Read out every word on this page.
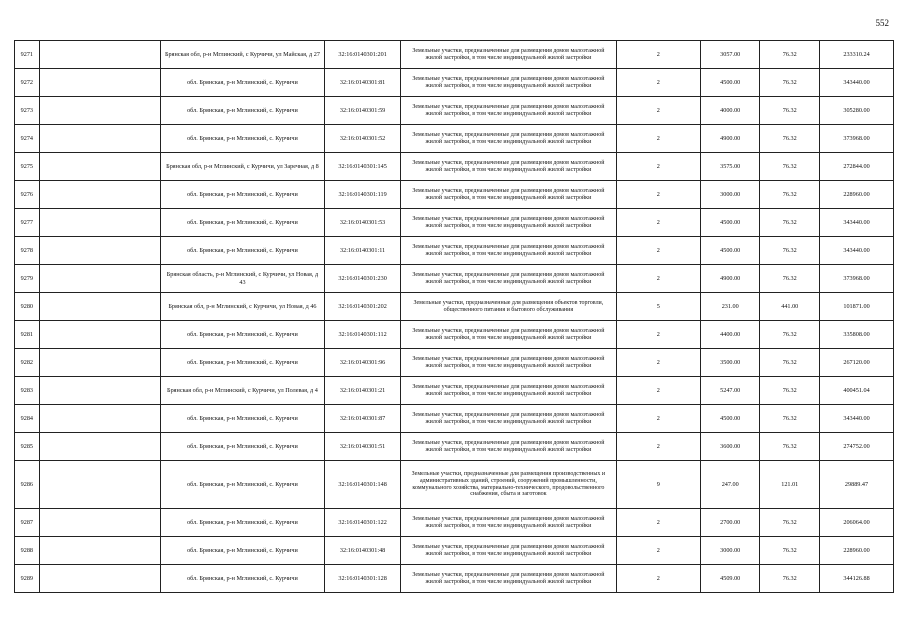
552
9271		Брянская обл, р-н Мглинский, с Курчичи, ул Майская, д 27	32:16:0140301:201	Земельные участки, предназначенные для размещения домов малоэтажной жилой застройки, в том числе индивидуальной жилой застройки	2	3057.00	76.32	233310.24
9272		обл. Брянская, р-н Мглинский, с. Курчичи	32:16:0140301:81	Земельные участки, предназначенные для размещения домов малоэтажной жилой застройки, в том числе индивидуальной жилой застройки	2	4500.00	76.32	343440.00
9273		обл. Брянская, р-н Мглинский, с. Курчичи	32:16:0140301:59	Земельные участки, предназначенные для размещения домов малоэтажной жилой застройки, в том числе индивидуальной жилой застройки	2	4000.00	76.32	305280.00
9274		обл. Брянская, р-н Мглинский, с. Курчичи	32:16:0140301:52	Земельные участки, предназначенные для размещения домов малоэтажной жилой застройки, в том числе индивидуальной жилой застройки	2	4900.00	76.32	373968.00
9275		Брянская обл, р-н Мглинский, с Курчичи, ул Заречная, д 8	32:16:0140301:145	Земельные участки, предназначенные для размещения домов малоэтажной жилой застройки, в том числе индивидуальной жилой застройки	2	3575.00	76.32	272844.00
9276		обл. Брянская, р-н Мглинский, с. Курчичи	32:16:0140301:119	Земельные участки, предназначенные для размещения домов малоэтажной жилой застройки, в том числе индивидуальной жилой застройки	2	3000.00	76.32	228960.00
9277		обл. Брянская, р-н Мглинский, с. Курчичи	32:16:0140301:53	Земельные участки, предназначенные для размещения домов малоэтажной жилой застройки, в том числе индивидуальной жилой застройки	2	4500.00	76.32	343440.00
9278		обл. Брянская, р-н Мглинский, с. Курчичи	32:16:0140301:11	Земельные участки, предназначенные для размещения домов малоэтажной жилой застройки, в том числе индивидуальной жилой застройки	2	4500.00	76.32	343440.00
9279		Брянская область, р-н Мглинский, с Курчичи, ул Новая, д 43	32:16:0140301:230	Земельные участки, предназначенные для размещения домов малоэтажной жилой застройки, в том числе индивидуальной жилой застройки	2	4900.00	76.32	373968.00
9280		Брянская обл, р-н Мглинский, с Курчичи, ул Новая, д 46	32:16:0140301:202	Земельные участки, предназначенные для размещения объектов торговли, общественного питания и бытового обслуживания	5	231.00	441.00	101871.00
9281		обл. Брянская, р-н Мглинский, с. Курчичи	32:16:0140301:112	Земельные участки, предназначенные для размещения домов малоэтажной жилой застройки, в том числе индивидуальной жилой застройки	2	4400.00	76.32	335808.00
9282		обл. Брянская, р-н Мглинский, с. Курчичи	32:16:0140301:96	Земельные участки, предназначенные для размещения домов малоэтажной жилой застройки, в том числе индивидуальной жилой застройки	2	3500.00	76.32	267120.00
9283		Брянская обл, р-н Мглинский, с Курчичи, ул Полевая, д 4	32:16:0140301:21	Земельные участки, предназначенные для размещения домов малоэтажной жилой застройки, в том числе индивидуальной жилой застройки	2	5247.00	76.32	400451.04
9284		обл. Брянская, р-н Мглинский, с. Курчичи	32:16:0140301:87	Земельные участки, предназначенные для размещения домов малоэтажной жилой застройки, в том числе индивидуальной жилой застройки	2	4500.00	76.32	343440.00
9285		обл. Брянская, р-н Мглинский, с. Курчичи	32:16:0140301:51	Земельные участки, предназначенные для размещения домов малоэтажной жилой застройки, в том числе индивидуальной жилой застройки	2	3600.00	76.32	274752.00
9286		обл. Брянская, р-н Мглинский, с. Курчичи	32:16:0140301:148	Земельные участки, предназначенные для размещения производственных и административных зданий, строений, сооружений промышленности, коммунального хозяйства, материально-технического, продовольственного снабжения, сбыта и заготовок	9	247.00	121.01	29889.47
9287		обл. Брянская, р-н Мглинский, с. Курчичи	32:16:0140301:122	Земельные участки, предназначенные для размещения домов малоэтажной жилой застройки, в том числе индивидуальной жилой застройки	2	2700.00	76.32	206064.00
9288		обл. Брянская, р-н Мглинский, с. Курчичи	32:16:0140301:48	Земельные участки, предназначенные для размещения домов малоэтажной жилой застройки, в том числе индивидуальной жилой застройки	2	3000.00	76.32	228960.00
9289		обл. Брянская, р-н Мглинский, с. Курчичи	32:16:0140301:128	Земельные участки, предназначенные для размещения домов малоэтажной жилой застройки, в том числе индивидуальной жилой застройки	2	4509.00	76.32	344126.88
